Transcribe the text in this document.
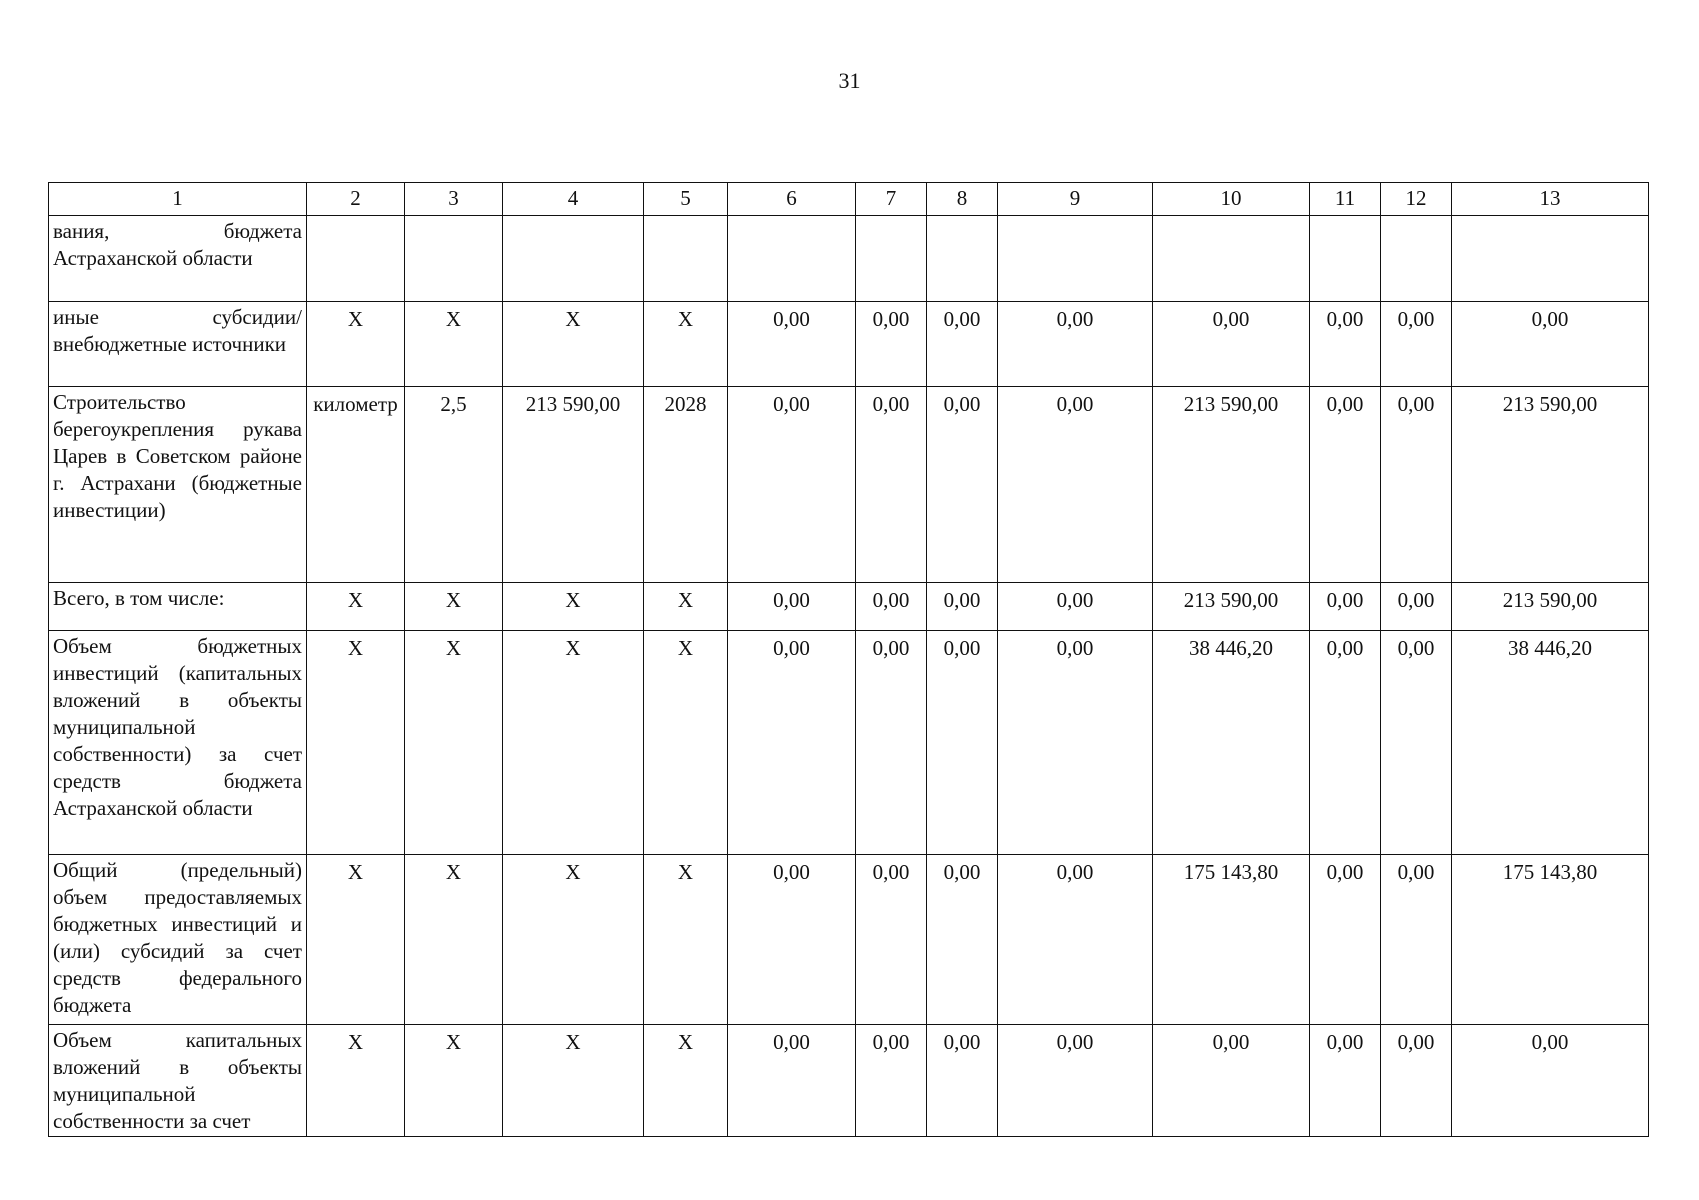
31
1	2	3	4	5	6	7	8	9	10	11	12	13
вания, бюджета Астраханской области												
иные субсидии/ внебюджетные источники	X	X	X	X	0,00	0,00	0,00	0,00	0,00	0,00	0,00	0,00
Строительство берегоукрепления рукава Царев в Советском районе г. Астрахани (бюджетные инвестиции)	километр	2,5	213 590,00	2028	0,00	0,00	0,00	0,00	213 590,00	0,00	0,00	213 590,00
Всего, в том числе:	X	X	X	X	0,00	0,00	0,00	0,00	213 590,00	0,00	0,00	213 590,00
Объем бюджетных инвестиций (капитальных вложений в объекты муниципальной собственности) за счет средств бюджета Астраханской области	X	X	X	X	0,00	0,00	0,00	0,00	38 446,20	0,00	0,00	38 446,20
Общий (предельный) объем предоставляемых бюджетных инвестиций и (или) субсидий за счет средств федерального бюджета	X	X	X	X	0,00	0,00	0,00	0,00	175 143,80	0,00	0,00	175 143,80
Объем капитальных вложений в объекты муниципальной собственности за счет	X	X	X	X	0,00	0,00	0,00	0,00	0,00	0,00	0,00	0,00
